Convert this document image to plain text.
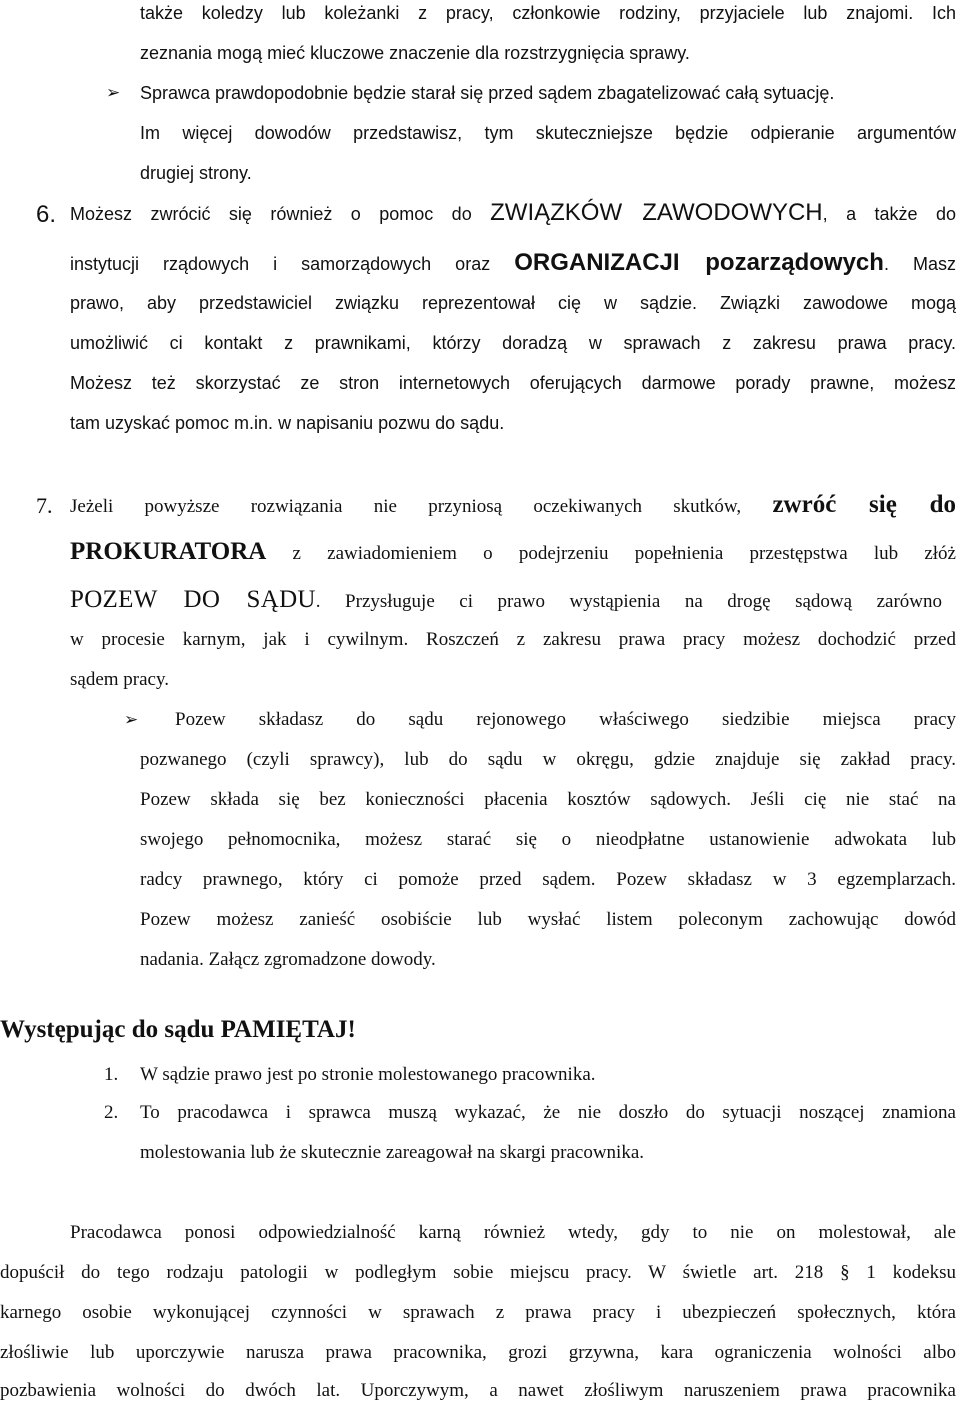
także koledzy lub koleżanki z pracy, członkowie rodziny, przyjaciele lub znajomi. Ich
zeznania mogą mieć kluczowe znaczenie dla rozstrzygnięcia sprawy.
➢ Sprawca prawdopodobnie będzie starał się przed sądem zbagatelizować całą sytuację.
Im więcej dowodów przedstawisz, tym skuteczniejsze będzie odpieranie argumentów
drugiej strony.
6. Możesz zwrócić się również o pomoc do ZWIĄZKÓW ZAWODOWYCH, a także do
instytucji rządowych i samorządowych oraz ORGANIZACJI pozarządowych. Masz
prawo, aby przedstawiciel związku reprezentował cię w sądzie. Związki zawodowe mogą
umożliwić ci kontakt z prawnikami, którzy doradzą w sprawach z zakresu prawa pracy.
Możesz też skorzystać ze stron internetowych oferujących darmowe porady prawne, możesz
tam uzyskać pomoc m.in. w napisaniu pozwu do sądu.
7. Jeżeli powyższe rozwiązania nie przyniosą oczekiwanych skutków, zwróć się do
PROKURATORA z zawiadomieniem o podejrzeniu popełnienia przestępstwa lub złóż
POZEW DO SĄDU. Przysługuje ci prawo wystąpienia na drogę sądową zarówno
w procesie karnym, jak i cywilnym. Roszczeń z zakresu prawa pracy możesz dochodzić przed
sądem pracy.
➢ Pozew składasz do sądu rejonowego właściwego siedzibie miejsca pracy
pozwanego (czyli sprawcy), lub do sądu w okręgu, gdzie znajduje się zakład pracy.
Pozew składa się bez konieczności płacenia kosztów sądowych. Jeśli cię nie stać na
swojego pełnomocnika, możesz starać się o nieodpłatne ustanowienie adwokata lub
radcy prawnego, który ci pomoże przed sądem. Pozew składasz w 3 egzemplarzach.
Pozew możesz zanieść osobiście lub wysłać listem poleconym zachowując dowód
nadania. Załącz zgromadzone dowody.
Występując do sądu PAMIĘTAJ!
1. W sądzie prawo jest po stronie molestowanego pracownika.
2. To pracodawca i sprawca muszą wykazać, że nie doszło do sytuacji noszącej znamiona
molestowania lub że skutecznie zareagował na skargi pracownika.
Pracodawca ponosi odpowiedzialność karną również wtedy, gdy to nie on molestował, ale
dopuścił do tego rodzaju patologii w podległym sobie miejscu pracy. W świetle art. 218 § 1 kodeksu
karnego osobie wykonującej czynności w sprawach z prawa pracy i ubezpieczeń społecznych, która
złośliwie lub uporczywie narusza prawa pracownika, grozi grzywna, kara ograniczenia wolności albo
pozbawienia wolności do dwóch lat. Uporczywym, a nawet złośliwym naruszeniem prawa pracownika
